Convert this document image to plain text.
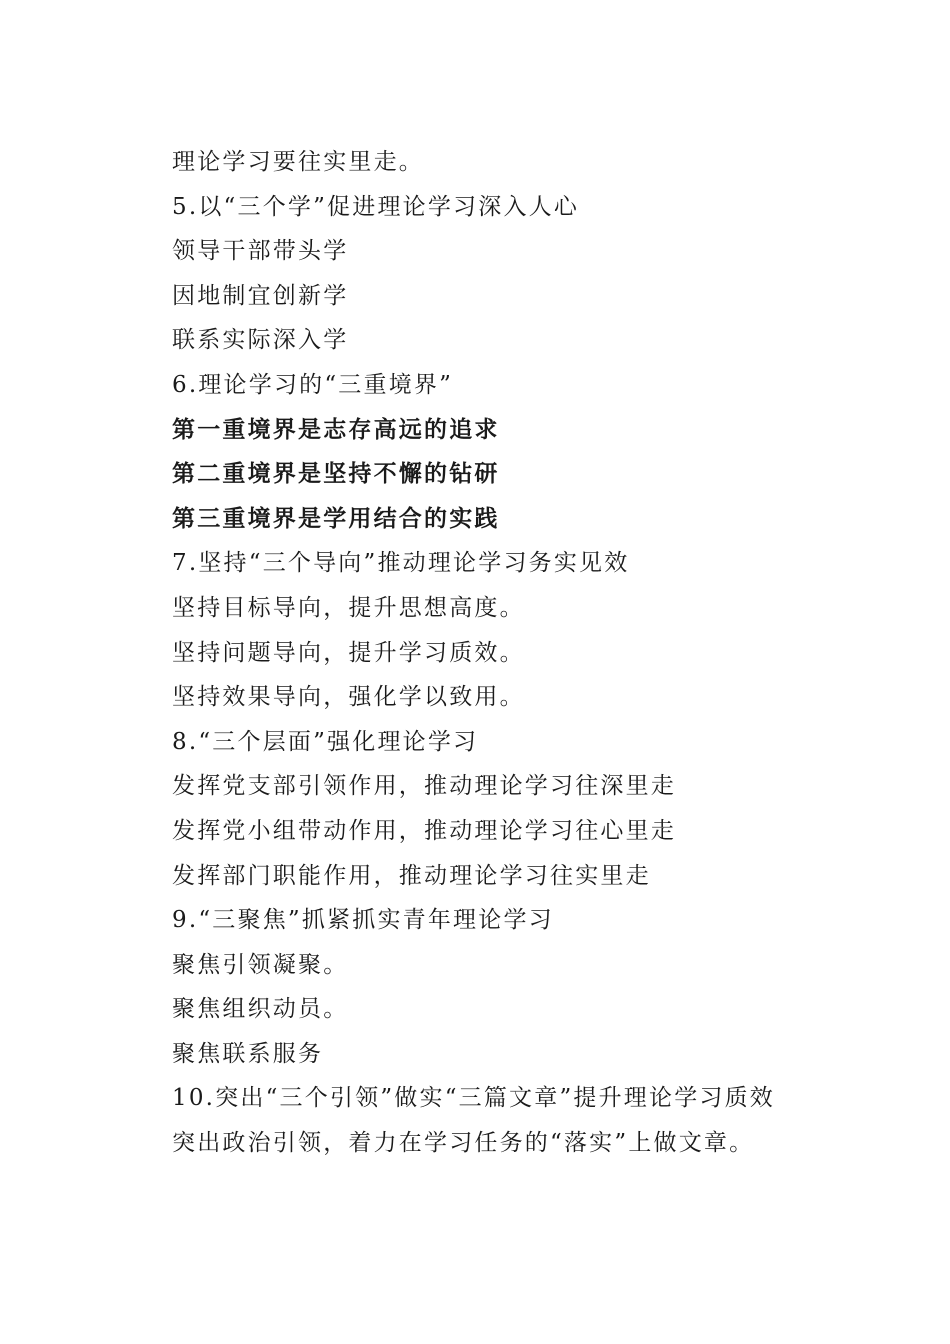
理论学习要往实里走。
5.以“三个学”促进理论学习深入人心
领导干部带头学
因地制宜创新学
联系实际深入学
6.理论学习的“三重境界”
第一重境界是志存高远的追求
第二重境界是坚持不懈的钻研
第三重境界是学用结合的实践
7.坚持“三个导向”推动理论学习务实见效
坚持目标导向，提升思想高度。
坚持问题导向，提升学习质效。
坚持效果导向，强化学以致用。
8.“三个层面”强化理论学习
发挥党支部引领作用，推动理论学习往深里走
发挥党小组带动作用，推动理论学习往心里走
发挥部门职能作用，推动理论学习往实里走
9.“三聚焦”抓紧抓实青年理论学习
聚焦引领凝聚。
聚焦组织动员。
聚焦联系服务
10.突出“三个引领”做实“三篇文章”提升理论学习质效
突出政治引领，着力在学习任务的“落实”上做文章。
